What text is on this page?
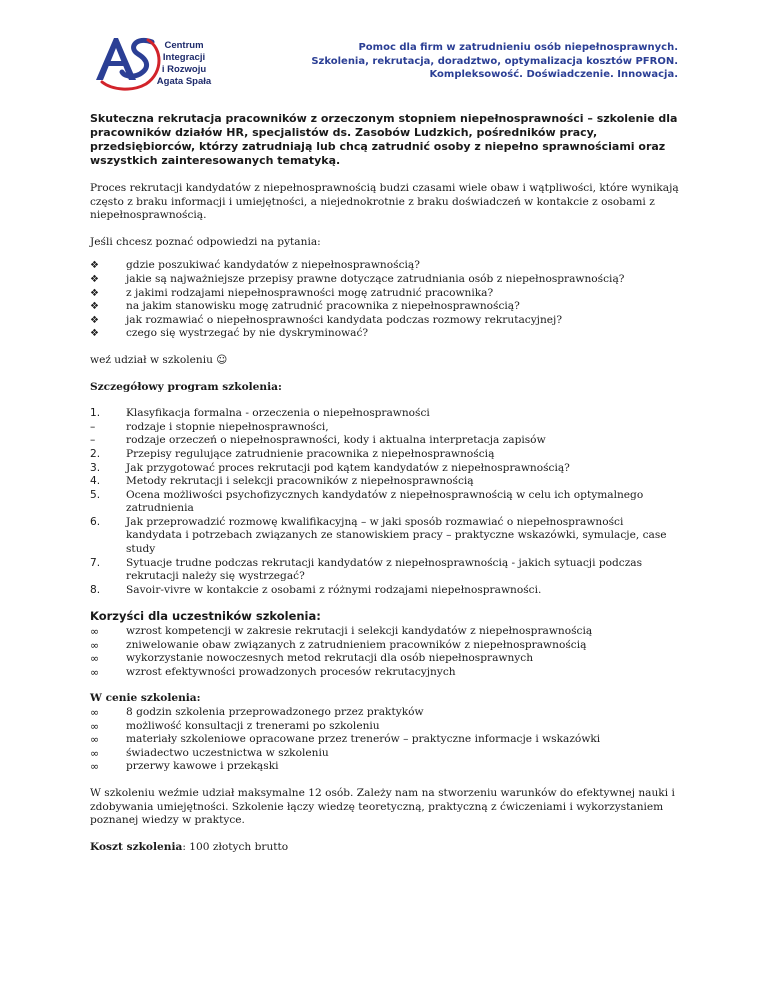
Centrum Integracji
i Rozwoju
Agata Spała
Pomoc dla firm w zatrudnieniu osób niepełnosprawnych.
Szkolenia, rekrutacja, doradztwo, optymalizacja kosztów PFRON.
Kompleksowość. Doświadczenie. Innowacja.

Skuteczna rekrutacja pracowników z orzeczonym stopniem niepełnosprawności – szkolenie dla pracowników działów HR, specjalistów ds. Zasobów Ludzkich, pośredników pracy, przedsiębiorców, którzy zatrudniają lub chcą zatrudnić osoby z niepełno sprawnościami oraz wszystkich zainteresowanych tematyką.

Proces rekrutacji kandydatów z niepełnosprawnością budzi czasami wiele obaw i wątpliwości, które wynikają często z braku informacji i umiejętności, a niejednokrotnie z braku doświadczeń w kontakcie z osobami z niepełnosprawnością.

Jeśli chcesz poznać odpowiedzi na pytania:

❖	gdzie poszukiwać kandydatów z niepełnosprawnością?
❖	jakie są najważniejsze przepisy prawne dotyczące zatrudniania osób z niepełnosprawnością?
❖	z jakimi rodzajami niepełnosprawności mogę zatrudnić pracownika?
❖	na jakim stanowisku mogę zatrudnić pracownika z niepełnosprawnością?
❖	jak rozmawiać o niepełnosprawności kandydata podczas rozmowy rekrutacyjnej?
❖	czego się wystrzegać by nie dyskryminować?

weź udział w szkoleniu ☺

Szczegółowy program szkolenia:

1.	Klasyfikacja formalna - orzeczenia o niepełnosprawności
–	rodzaje i stopnie niepełnosprawności,
–	rodzaje orzeczeń o niepełnosprawności, kody i aktualna interpretacja zapisów
2.	Przepisy regulujące zatrudnienie pracownika z niepełnosprawnością
3.	Jak przygotować proces rekrutacji pod kątem kandydatów z niepełnosprawnością?
4.	Metody rekrutacji i selekcji pracowników z niepełnosprawnością
5.	Ocena możliwości psychofizycznych kandydatów z niepełnosprawnością w celu ich optymalnego zatrudnienia
6.	Jak przeprowadzić rozmowę kwalifikacyjną – w jaki sposób rozmawiać o niepełnosprawności kandydata i potrzebach związanych ze stanowiskiem pracy – praktyczne wskazówki, symulacje, case study
7.	Sytuacje trudne podczas rekrutacji kandydatów z niepełnosprawnością - jakich sytuacji podczas rekrutacji należy się wystrzegać?
8.	Savoir-vivre w kontakcie z osobami z różnymi rodzajami niepełnosprawności.

Korzyści dla uczestników szkolenia:

∞	wzrost kompetencji w zakresie rekrutacji i selekcji kandydatów z niepełnosprawnością
∞	zniwelowanie obaw związanych z zatrudnieniem pracowników z niepełnosprawnością
∞	wykorzystanie nowoczesnych metod rekrutacji dla osób niepełnosprawnych
∞	wzrost efektywności prowadzonych procesów rekrutacyjnych

W cenie szkolenia:

∞	8 godzin szkolenia przeprowadzonego przez praktyków
∞	możliwość konsultacji z trenerami po szkoleniu
∞	materiały szkoleniowe opracowane przez trenerów – praktyczne informacje i wskazówki
∞	świadectwo uczestnictwa w szkoleniu
∞	przerwy kawowe i przekąski

W szkoleniu weźmie udział maksymalne 12 osób. Zależy nam na stworzeniu warunków do efektywnej nauki i zdobywania umiejętności. Szkolenie łączy wiedzę teoretyczną, praktyczną z ćwiczeniami i wykorzystaniem poznanej wiedzy w praktyce.

Koszt szkolenia: 100 złotych brutto
